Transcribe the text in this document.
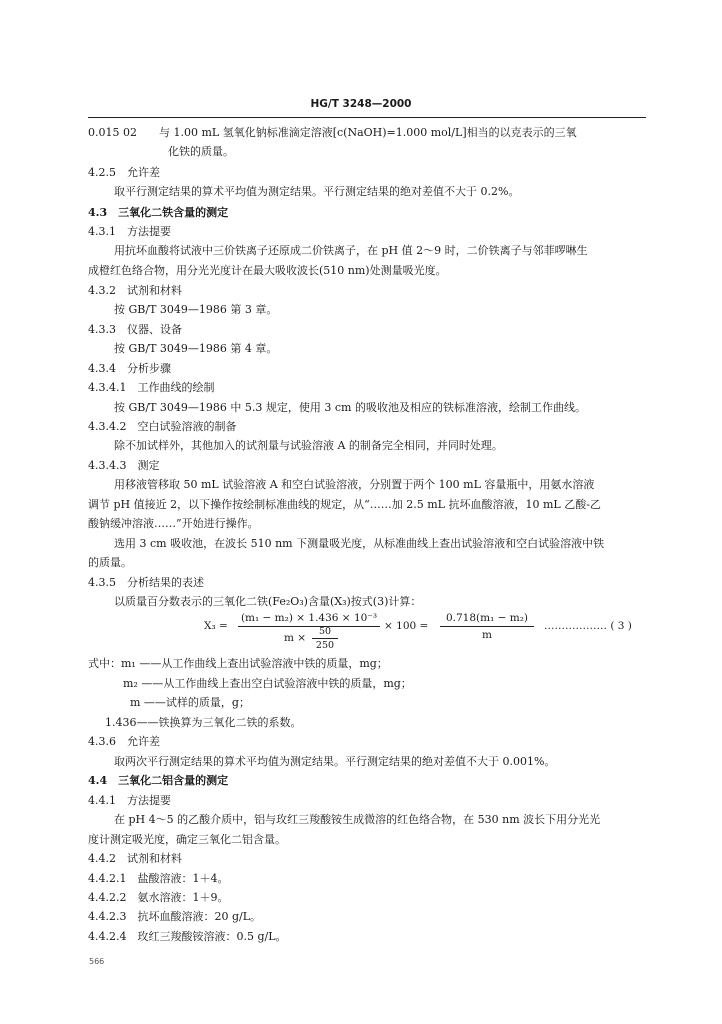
HG/T 3248—2000
0.015 02　　与 1.00 mL 氢氧化钠标准滴定溶液[c(NaOH)=1.000 mol/L]相当的以克表示的三氧
化铁的质量。
4.2.5　允许差
取平行测定结果的算术平均值为测定结果。平行测定结果的绝对差值不大于 0.2%。
4.3　三氧化二铁含量的测定
4.3.1　方法提要
用抗坏血酸将试液中三价铁离子还原成二价铁离子，在 pH 值 2～9 时，二价铁离子与邻菲啰啉生
成橙红色络合物，用分光光度计在最大吸收波长(510 nm)处测量吸光度。
4.3.2　试剂和材料
按 GB/T 3049—1986 第 3 章。
4.3.3　仪器、设备
按 GB/T 3049—1986 第 4 章。
4.3.4　分析步骤
4.3.4.1　工作曲线的绘制
按 GB/T 3049—1986 中 5.3 规定，使用 3 cm 的吸收池及相应的铁标准溶液，绘制工作曲线。
4.3.4.2　空白试验溶液的制备
除不加试样外，其他加入的试剂量与试验溶液 A 的制备完全相同，并同时处理。
4.3.4.3　测定
用移液管移取 50 mL 试验溶液 A 和空白试验溶液，分别置于两个 100 mL 容量瓶中，用氨水溶液
调节 pH 值接近 2，以下操作按绘制标准曲线的规定，从“……加 2.5 mL 抗坏血酸溶液，10 mL 乙酸-乙
酸钠缓冲溶液……”开始进行操作。
选用 3 cm 吸收池，在波长 510 nm 下测量吸光度，从标准曲线上查出试验溶液和空白试验溶液中铁
的质量。
4.3.5　分析结果的表述
以质量百分数表示的三氧化二铁(Fe₂O₃)含量(X₃)按式(3)计算：
X₃ =
(m₁ − m₂) × 1.436 × 10⁻³
m ×
50
250
× 100 =
0.718(m₁ − m₂)
m
……………… ( 3 )
式中：m₁ ——从工作曲线上查出试验溶液中铁的质量，mg；
m₂ ——从工作曲线上查出空白试验溶液中铁的质量，mg；
m ——试样的质量，g；
1.436——铁换算为三氧化二铁的系数。
4.3.6　允许差
取两次平行测定结果的算术平均值为测定结果。平行测定结果的绝对差值不大于 0.001%。
4.4　三氧化二铝含量的测定
4.4.1　方法提要
在 pH 4～5 的乙酸介质中，铝与玫红三羧酸铵生成微溶的红色络合物，在 530 nm 波长下用分光光
度计测定吸光度，确定三氧化二铝含量。
4.4.2　试剂和材料
4.4.2.1　盐酸溶液：1＋4。
4.4.2.2　氨水溶液：1＋9。
4.4.2.3　抗坏血酸溶液：20 g/L。
4.4.2.4　玫红三羧酸铵溶液：0.5 g/L。
566
